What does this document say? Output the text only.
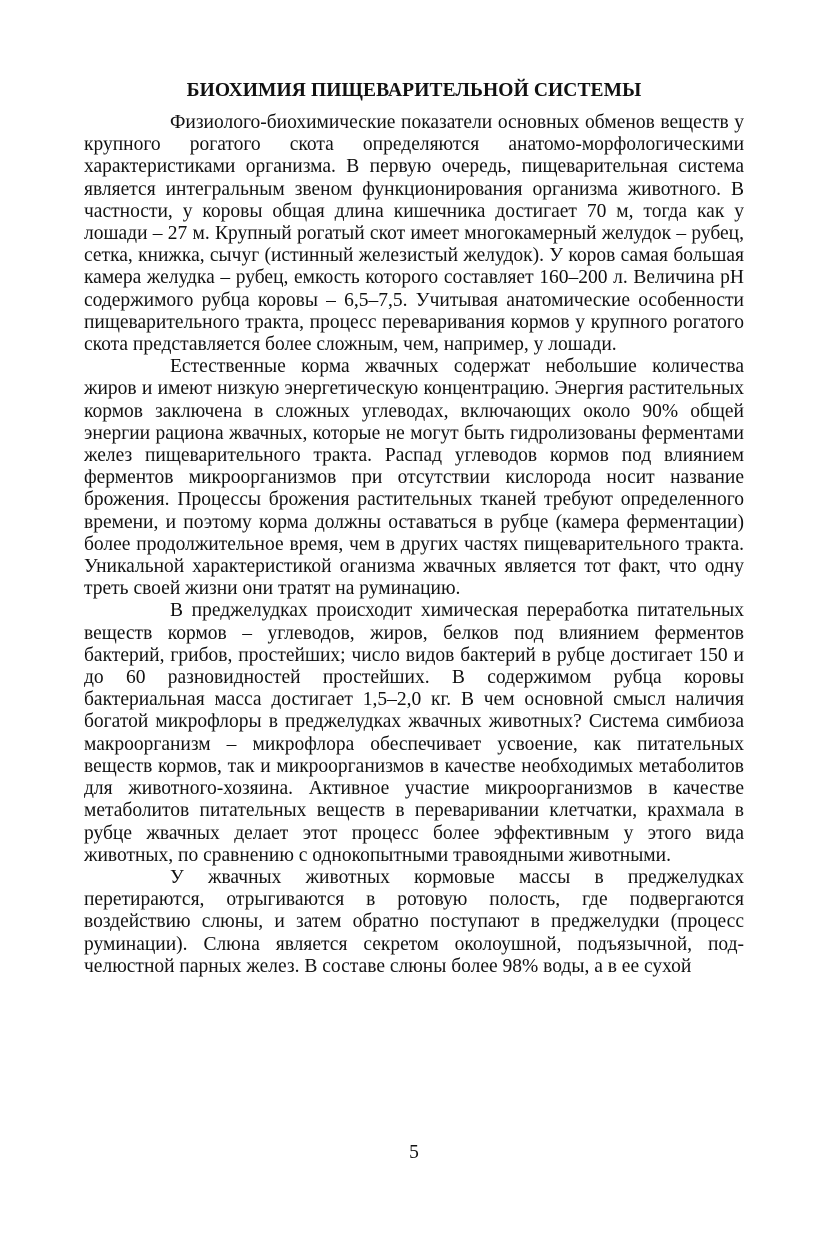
БИОХИМИЯ ПИЩЕВАРИТЕЛЬНОЙ СИСТЕМЫ

Физиолого-биохимические показатели основных обменов веществ у крупного рогатого скота определяются анатомо-морфологическими характеристиками организма. В первую очередь, пищеварительная система является интегральным звеном функционирования организма животного. В частности, у коровы общая длина кишечника достигает 70 м, тогда как у лошади – 27 м. Крупный рогатый скот имеет многокамерный желудок – рубец, сетка, книжка, сычуг (истинный железистый желудок). У коров самая большая камера желудка – рубец, емкость которого составляет 160–200 л. Величина pH содержимого рубца коровы – 6,5–7,5. Учитывая анатомические особенности пищеварительного тракта, процесс переваривания кормов у крупного рогатого скота представляется более сложным, чем, например, у лошади.

Естественные корма жвачных содержат небольшие количества жиров и имеют низкую энергетическую концентрацию. Энергия растительных кормов заключена в сложных углеводах, включающих около 90% общей энергии рациона жвачных, которые не могут быть гидролизованы ферментами желез пищеварительного тракта. Распад углеводов кормов под влиянием ферментов микроорганизмов при отсутствии кислорода носит название брожения. Процессы брожения растительных тканей требуют определенного времени, и поэтому корма должны оставаться в рубце (камера ферментации) более продолжительное время, чем в других частях пищеварительного тракта. Уникальной характеристикой оганизма жвачных является тот факт, что одну треть своей жизни они тратят на руминацию.

В преджелудках происходит химическая переработка питательных веществ кормов – углеводов, жиров, белков под влиянием ферментов бактерий, грибов, простейших; число видов бактерий в рубце достигает 150 и до 60 разновидностей простейших. В содержимом рубца коровы бактериальная масса достигает 1,5–2,0 кг. В чем основной смысл наличия богатой микрофлоры в преджелудках жвачных животных? Система симбиоза макроорганизм – микрофлора обеспечивает усвоение, как питательных веществ кормов, так и микроорганизмов в качестве необходимых метаболитов для животного-хозяина. Активное участие микроорганизмов в качестве метаболитов питательных веществ в переваривании клетчатки, крахмала в рубце жвачных делает этот процесс более эффективным у этого вида животных, по сравнению с однокопытными травоядными животными.

У жвачных животных кормовые массы в преджелудках перетираются, отрыгиваются в ротовую полость, где подвергаются воздействию слюны, и затем обратно поступают в преджелудки (процесс руминации). Слюна является секретом околоушной, подъязычной, подчелюстной парных желез. В составе слюны более 98% воды, а в ее сухой

5
